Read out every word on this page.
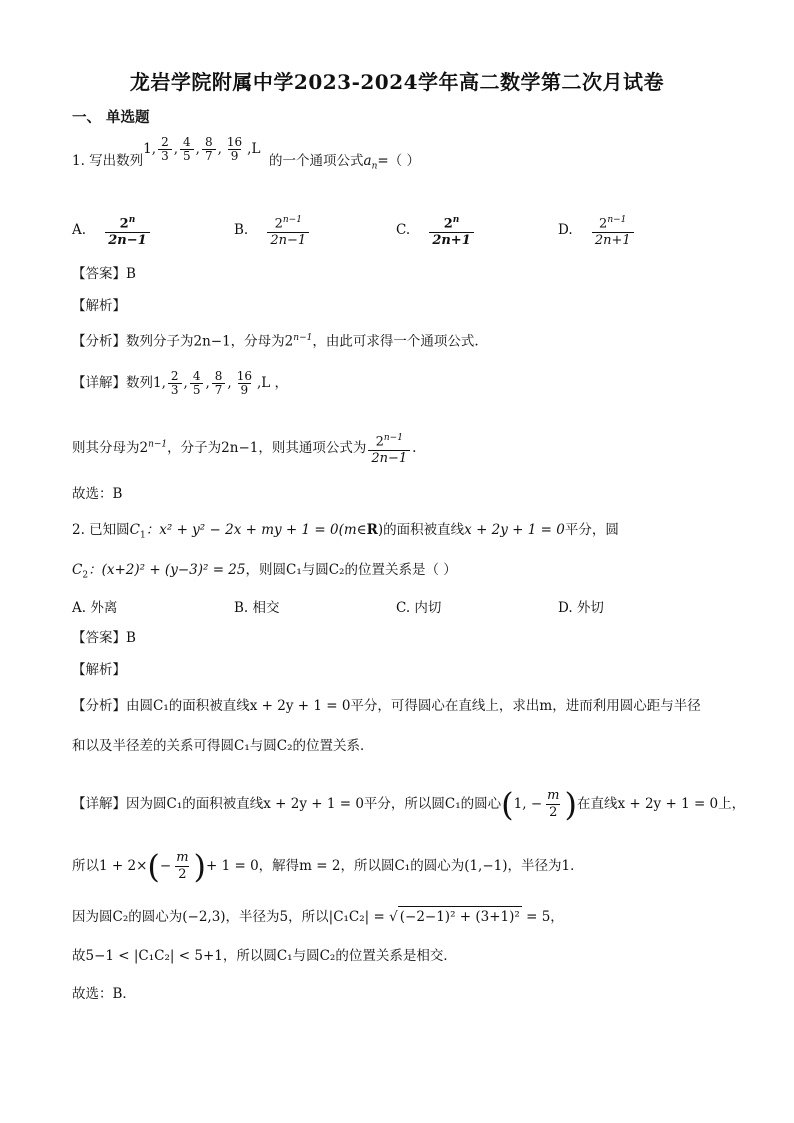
龙岩学院附属中学2023-2024学年高二数学第二次月试卷
一、 单选题
1. 写出数列1, $\frac{2}{3}$ , $\frac{4}{5}$ , $\frac{8}{7}$ , $\frac{16}{9} ,L$  的一个通项公式$a_n=$（ ）
A. $\frac{2^n}{2n-1}$	B. $\frac{2^{n-1}}{2n-1}$	C. $\frac{2^n}{2n+1}$	D. $\frac{2^{n-1}}{2n+1}$
【答案】B
【解析】
【分析】数列分子为2n−1，分母为$2^{n-1}$，由此可求得一个通项公式.
【详解】数列1, $\frac{2}{3}$ , $\frac{4}{5}$ , $\frac{8}{7}$ , $\frac{16}{9} ,L$ ，
则其分母为$2^{n-1}$，分子为2n−1，则其通项公式为 $\frac{2^{n-1}}{2n-1}$ .
故选：B
2. 已知圆$C_1$：x² + y² − 2x + my + 1 = 0(m∈R)的面积被直线x + 2y + 1 = 0平分，圆
$C_2$：(x+2)² + (y−3)² = 25，则圆C₁与圆C₂的位置关系是（ ）
A. 外离	B. 相交	C. 内切	D. 外切
【答案】B
【解析】
【分析】由圆C₁的面积被直线x + 2y + 1 = 0平分，可得圆心在直线上，求出m，进而利用圆心距与半径
和以及半径差的关系可得圆C₁与圆C₂的位置关系．
【详解】因为圆C₁的面积被直线x + 2y + 1 = 0平分，所以圆C₁的圆心(1, − $\frac{m}{2}$ )在直线x + 2y + 1 = 0上，
所以$1 + 2\times(- \frac{m}{2}$ )+ 1 = 0，解得m = 2，所以圆C₁的圆心为(1,−1)，半径为1．
因为圆C₂的圆心为(−2,3)，半径为5，所以|C₁C₂| = √ (−2−1)² + (3+1)² = 5，
故5−1 < |C₁C₂| < 5+1，所以圆C₁与圆C₂的位置关系是相交．
故选：B．
